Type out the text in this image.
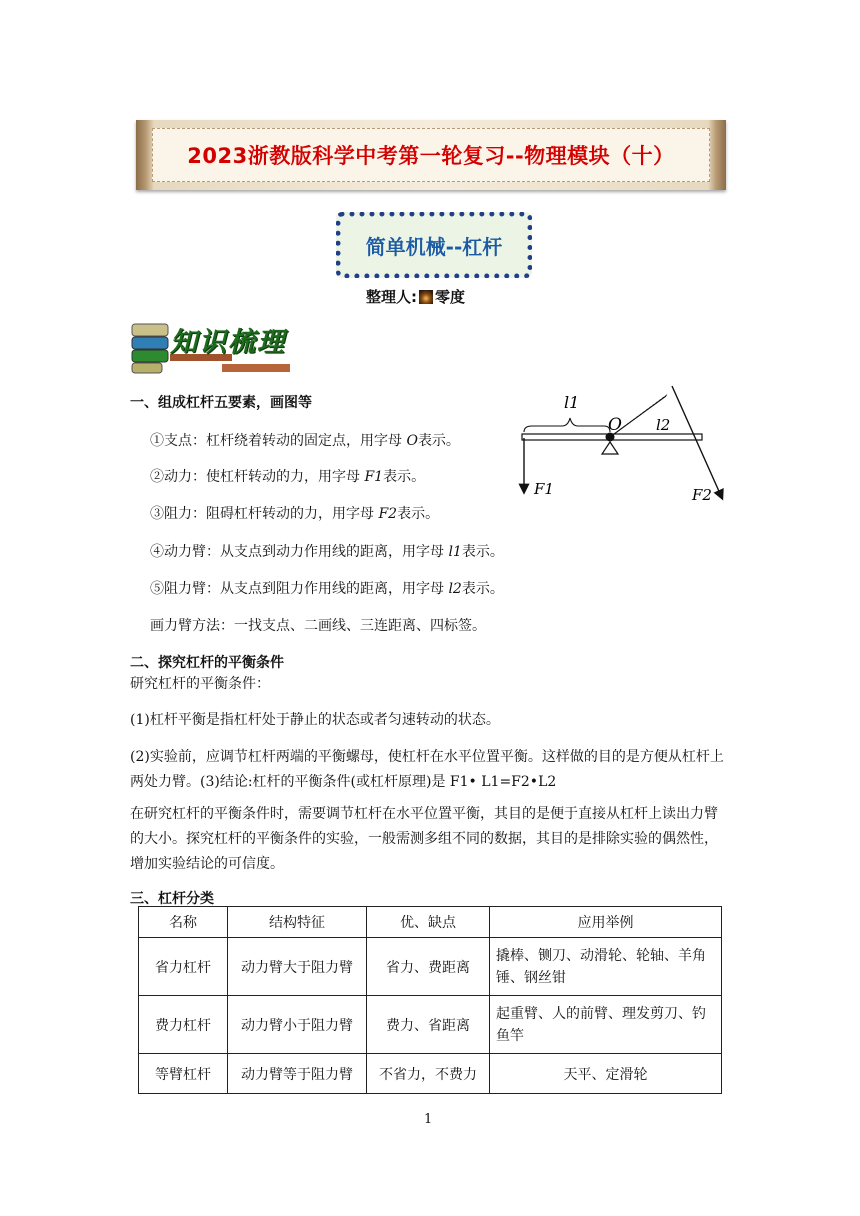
2023浙教版科学中考第一轮复习--物理模块（十）
简单机械--杠杆
整理人: 零度
知识梳理
一、组成杠杆五要素，画图等
①支点：杠杆绕着转动的固定点，用字母 O表示。
②动力：使杠杆转动的力，用字母 F1表示。
③阻力：阻碍杠杆转动的力，用字母 F2表示。
④动力臂：从支点到动力作用线的距离，用字母 l1表示。
⑤阻力臂：从支点到阻力作用线的距离，用字母 l2表示。
画力臂方法：一找支点、二画线、三连距离、四标签。
l1
O l2
F1	F2
二、探究杠杆的平衡条件
研究杠杆的平衡条件：
(1)杠杆平衡是指杠杆处于静止的状态或者匀速转动的状态。
(2)实验前，应调节杠杆两端的平衡螺母，使杠杆在水平位置平衡。这样做的目的是方便从杠杆上两处力臂。(3)结论:杠杆的平衡条件(或杠杆原理)是 F1• L1=F2•L2
在研究杠杆的平衡条件时，需要调节杠杆在水平位置平衡，其目的是便于直接从杠杆上读出力臂的大小。探究杠杆的平衡条件的实验，一般需测多组不同的数据，其目的是排除实验的偶然性，增加实验结论的可信度。
三、杠杆分类
名称	结构特征	优、缺点	应用举例
省力杠杆	动力臂大于阻力臂	省力、费距离	撬棒、铡刀、动滑轮、轮轴、羊角锤、钢丝钳
费力杠杆	动力臂小于阻力臂	费力、省距离	起重臂、人的前臂、理发剪刀、钓鱼竿
等臂杠杆	动力臂等于阻力臂	不省力，不费力	天平、定滑轮
1
